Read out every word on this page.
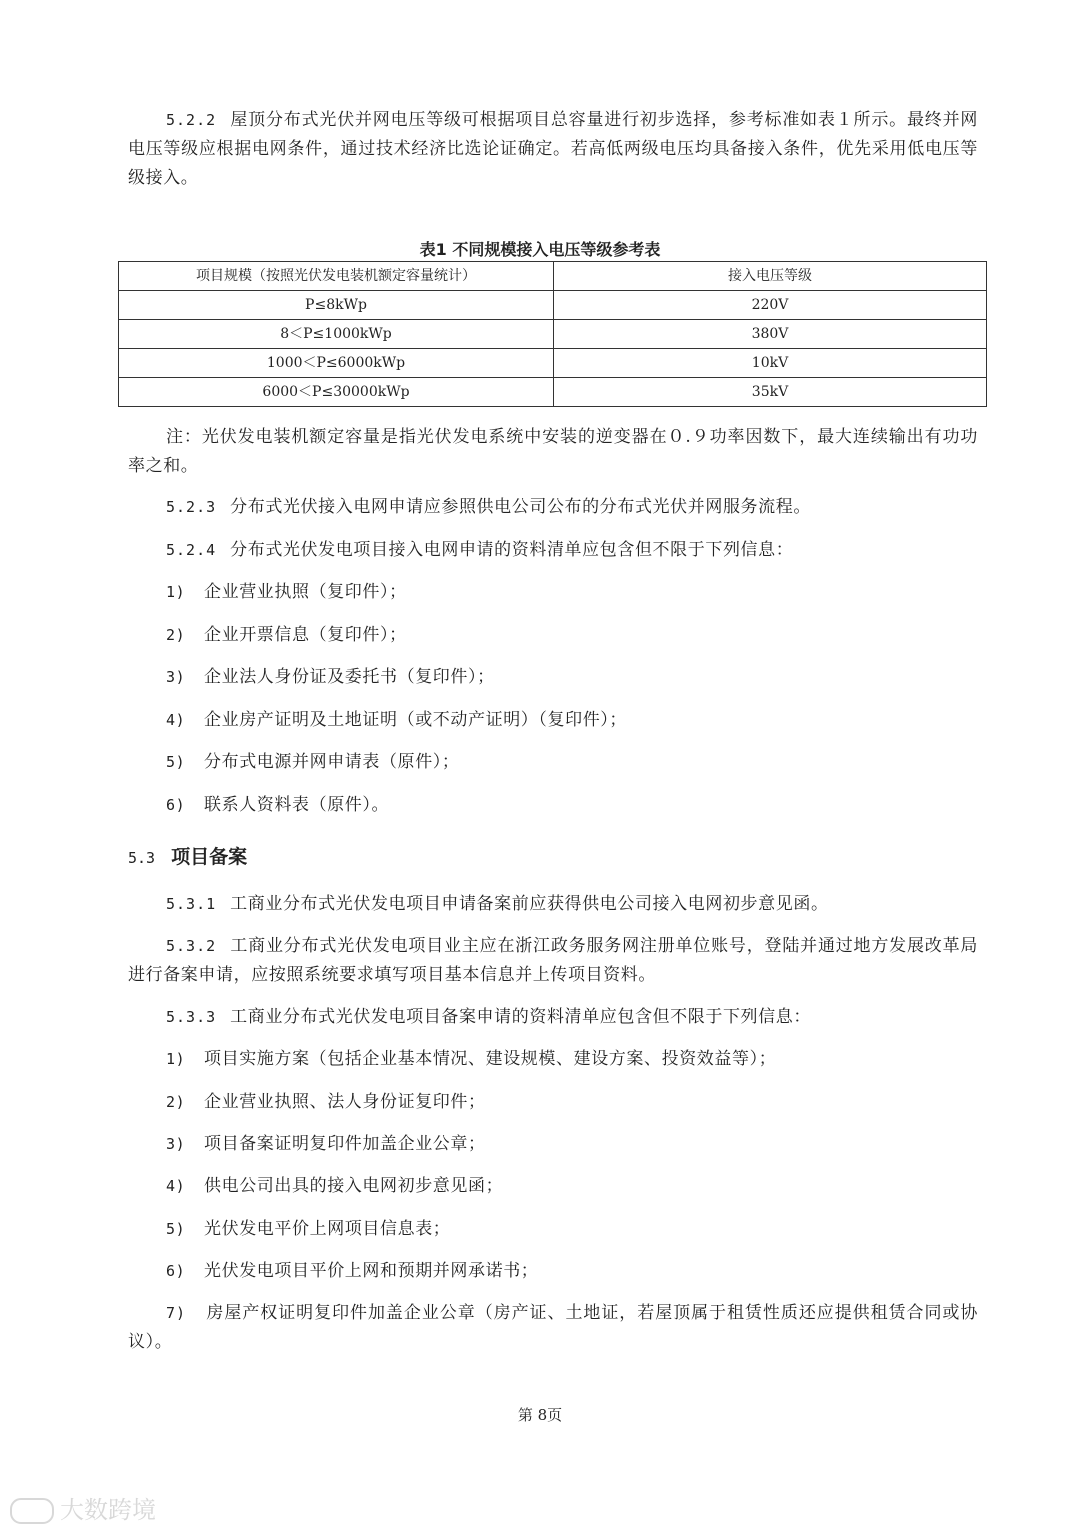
5.2.2 屋顶分布式光伏并网电压等级可根据项目总容量进行初步选择，参考标准如表１所示。最终并网电压等级应根据电网条件，通过技术经济比选论证确定。若高低两级电压均具备接入条件，优先采用低电压等级接入。

表1 不同规模接入电压等级参考表
项目规模（按照光伏发电装机额定容量统计）	接入电压等级
P≤8kWp	220V
8＜P≤1000kWp	380V
1000＜P≤6000kWp	10kV
6000＜P≤30000kWp	35kV

注：光伏发电装机额定容量是指光伏发电系统中安装的逆变器在０.９功率因数下，最大连续输出有功功率之和。

5.2.3 分布式光伏接入电网申请应参照供电公司公布的分布式光伏并网服务流程。

5.2.4 分布式光伏发电项目接入电网申请的资料清单应包含但不限于下列信息：

1) 企业营业执照（复印件）；
2) 企业开票信息（复印件）；
3) 企业法人身份证及委托书（复印件）；
4) 企业房产证明及土地证明（或不动产证明）（复印件）；
5) 分布式电源并网申请表（原件）；
6) 联系人资料表（原件）。
5.3 项目备案

5.3.1 工商业分布式光伏发电项目申请备案前应获得供电公司接入电网初步意见函。

5.3.2 工商业分布式光伏发电项目业主应在浙江政务服务网注册单位账号，登陆并通过地方发展改革局进行备案申请，应按照系统要求填写项目基本信息并上传项目资料。

5.3.3 工商业分布式光伏发电项目备案申请的资料清单应包含但不限于下列信息：

1) 项目实施方案（包括企业基本情况、建设规模、建设方案、投资效益等）；
2) 企业营业执照、法人身份证复印件；
3) 项目备案证明复印件加盖企业公章；
4) 供电公司出具的接入电网初步意见函；
5) 光伏发电平价上网项目信息表；
6) 光伏发电项目平价上网和预期并网承诺书；

7) 房屋产权证明复印件加盖企业公章（房产证、土地证，若屋顶属于租赁性质还应提供租赁合同或协议）。

第 8页
大数跨境
